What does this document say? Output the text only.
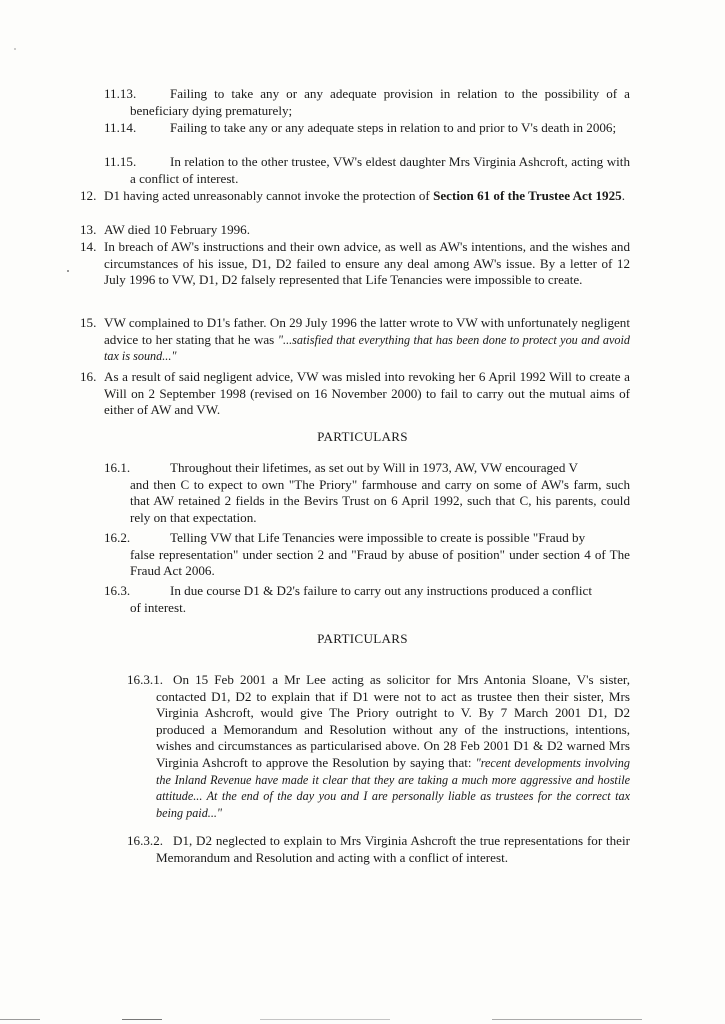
11.13.	Failing to take any or any adequate provision in relation to the possibility of a beneficiary dying prematurely;
11.14.	Failing to take any or any adequate steps in relation to and prior to V's death in 2006;
11.15.	In relation to the other trustee, VW's eldest daughter Mrs Virginia Ashcroft, acting with a conflict of interest.
12. D1 having acted unreasonably cannot invoke the protection of Section 61 of the Trustee Act 1925.
13. AW died 10 February 1996.
14. In breach of AW's instructions and their own advice, as well as AW's intentions, and the wishes and circumstances of his issue, D1, D2 failed to ensure any deal among AW's issue. By a letter of 12 July 1996 to VW, D1, D2 falsely represented that Life Tenancies were impossible to create.
15. VW complained to D1's father. On 29 July 1996 the latter wrote to VW with unfortunately negligent advice to her stating that he was "...satisfied that everything that has been done to protect you and avoid tax is sound..."
16. As a result of said negligent advice, VW was misled into revoking her 6 April 1992 Will to create a Will on 2 September 1998 (revised on 16 November 2000) to fail to carry out the mutual aims of either of AW and VW.
PARTICULARS
16.1.	Throughout their lifetimes, as set out by Will in 1973, AW, VW encouraged V
and then C to expect to own "The Priory" farmhouse and carry on some of AW's farm, such that AW retained 2 fields in the Bevirs Trust on 6 April 1992, such that C, his parents, could rely on that expectation.
16.2.	Telling VW that Life Tenancies were impossible to create is possible "Fraud by
false representation" under section 2 and "Fraud by abuse of position" under section 4 of The Fraud Act 2006.
16.3.	In due course D1 & D2's failure to carry out any instructions produced a conflict
of interest.
PARTICULARS
16.3.1. On 15 Feb 2001 a Mr Lee acting as solicitor for Mrs Antonia Sloane, V's sister, contacted D1, D2 to explain that if D1 were not to act as trustee then their sister, Mrs Virginia Ashcroft, would give The Priory outright to V. By 7 March 2001 D1, D2 produced a Memorandum and Resolution without any of the instructions, intentions, wishes and circumstances as particularised above. On 28 Feb 2001 D1 & D2 warned Mrs Virginia Ashcroft to approve the Resolution by saying that: "recent developments involving the Inland Revenue have made it clear that they are taking a much more aggressive and hostile attitude... At the end of the day you and I are personally liable as trustees for the correct tax being paid..."
16.3.2. D1, D2 neglected to explain to Mrs Virginia Ashcroft the true representations for their Memorandum and Resolution and acting with a conflict of interest.
